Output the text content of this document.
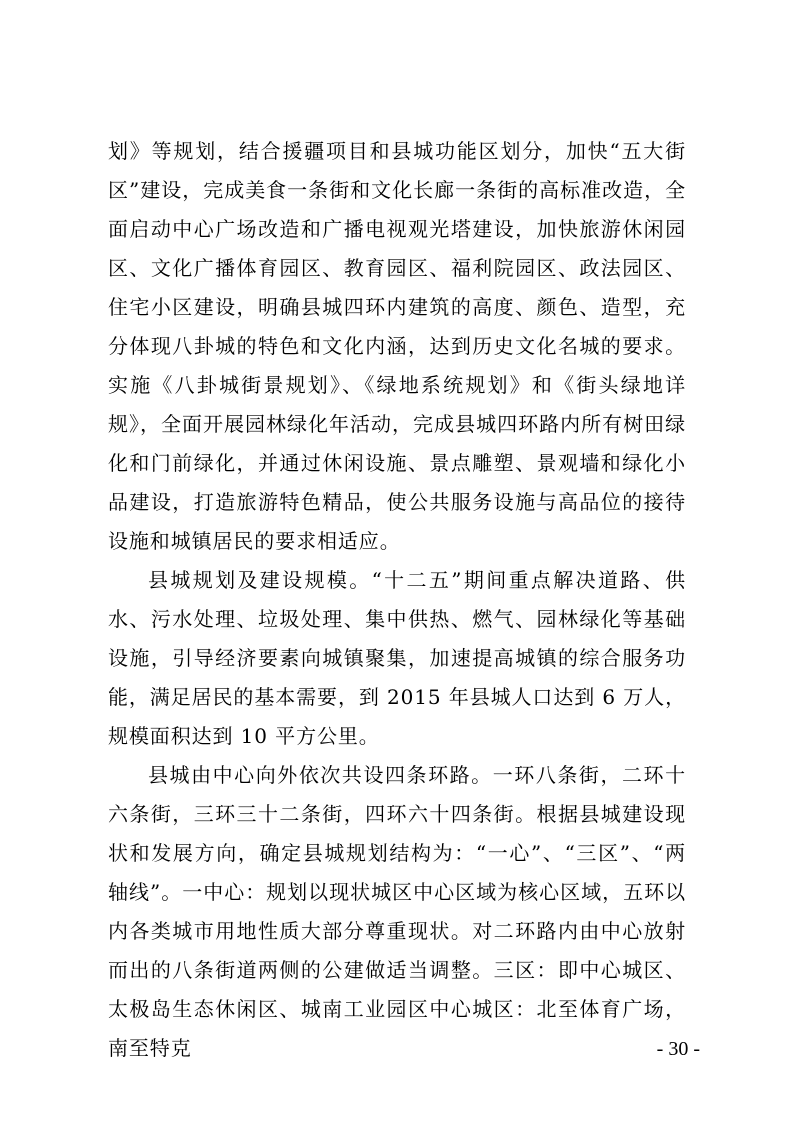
划》等规划，结合援疆项目和县城功能区划分，加快“五大街区”建设，完成美食一条街和文化长廊一条街的高标准改造，全面启动中心广场改造和广播电视观光塔建设，加快旅游休闲园区、文化广播体育园区、教育园区、福利院园区、政法园区、住宅小区建设，明确县城四环内建筑的高度、颜色、造型，充分体现八卦城的特色和文化内涵，达到历史文化名城的要求。实施《八卦城街景规划》、《绿地系统规划》和《街头绿地详规》，全面开展园林绿化年活动，完成县城四环路内所有树田绿化和门前绿化，并通过休闲设施、景点雕塑、景观墙和绿化小品建设，打造旅游特色精品，使公共服务设施与高品位的接待设施和城镇居民的要求相适应。

县城规划及建设规模。“十二五”期间重点解决道路、供水、污水处理、垃圾处理、集中供热、燃气、园林绿化等基础设施，引导经济要素向城镇聚集，加速提高城镇的综合服务功能，满足居民的基本需要，到 2015 年县城人口达到 6 万人，规模面积达到 10 平方公里。

县城由中心向外依次共设四条环路。一环八条街，二环十六条街，三环三十二条街，四环六十四条街。根据县城建设现状和发展方向，确定县城规划结构为：“一心”、“三区”、“两轴线”。一中心：规划以现状城区中心区域为核心区域，五环以内各类城市用地性质大部分尊重现状。对二环路内由中心放射而出的八条街道两侧的公建做适当调整。三区：即中心城区、太极岛生态休闲区、城南工业园区中心城区：北至体育广场，南至特克	- 30 -
